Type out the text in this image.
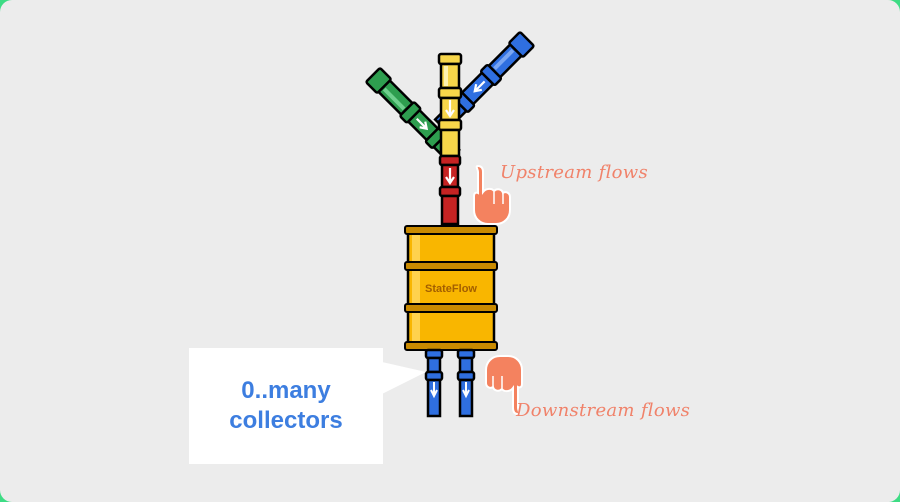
StateFlow
Upstream flows
Downstream flows
0..many
collectors
